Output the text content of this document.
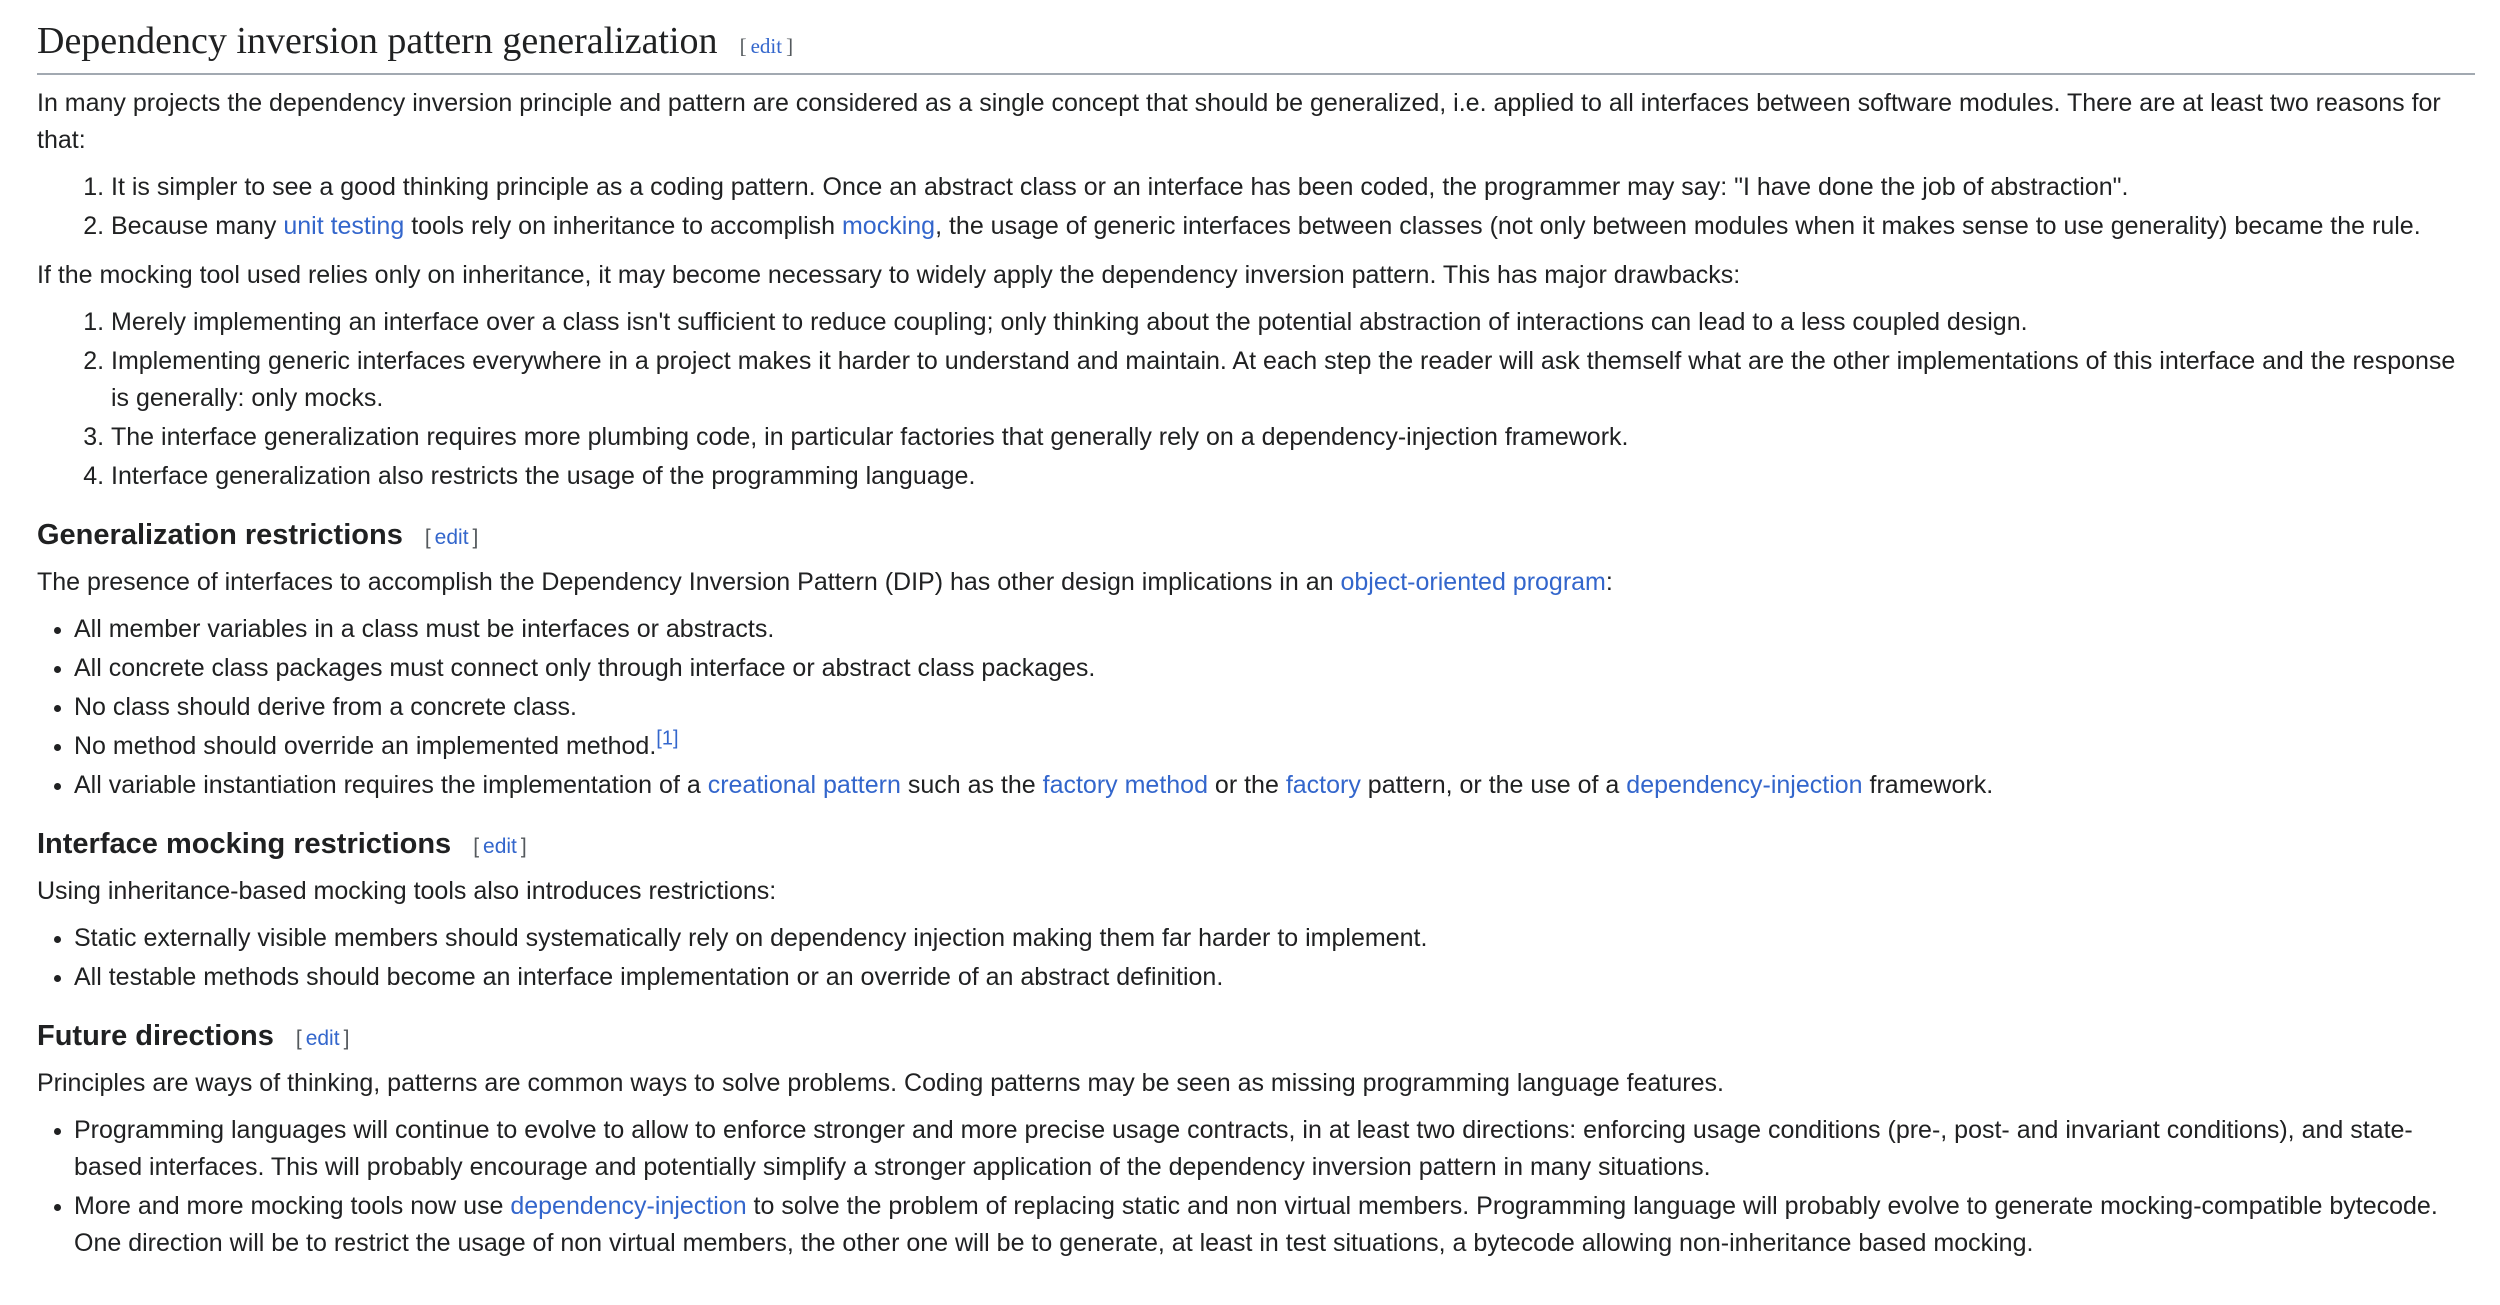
Dependency inversion pattern generalization [ edit ]

In many projects the dependency inversion principle and pattern are considered as a single concept that should be generalized, i.e. applied to all interfaces between software modules. There are at least two reasons for that:

1. It is simpler to see a good thinking principle as a coding pattern. Once an abstract class or an interface has been coded, the programmer may say: "I have done the job of abstraction".
2. Because many unit testing tools rely on inheritance to accomplish mocking, the usage of generic interfaces between classes (not only between modules when it makes sense to use generality) became the rule.

If the mocking tool used relies only on inheritance, it may become necessary to widely apply the dependency inversion pattern. This has major drawbacks:

1. Merely implementing an interface over a class isn't sufficient to reduce coupling; only thinking about the potential abstraction of interactions can lead to a less coupled design.
2. Implementing generic interfaces everywhere in a project makes it harder to understand and maintain. At each step the reader will ask themself what are the other implementations of this interface and the response is generally: only mocks.
3. The interface generalization requires more plumbing code, in particular factories that generally rely on a dependency-injection framework.
4. Interface generalization also restricts the usage of the programming language.
Generalization restrictions [ edit ]

The presence of interfaces to accomplish the Dependency Inversion Pattern (DIP) has other design implications in an object-oriented program:

All member variables in a class must be interfaces or abstracts.
All concrete class packages must connect only through interface or abstract class packages.
No class should derive from a concrete class.
No method should override an implemented method.[1]
All variable instantiation requires the implementation of a creational pattern such as the factory method or the factory pattern, or the use of a dependency-injection framework.
Interface mocking restrictions [ edit ]

Using inheritance-based mocking tools also introduces restrictions:

Static externally visible members should systematically rely on dependency injection making them far harder to implement.
All testable methods should become an interface implementation or an override of an abstract definition.
Future directions [ edit ]

Principles are ways of thinking, patterns are common ways to solve problems. Coding patterns may be seen as missing programming language features.

Programming languages will continue to evolve to allow to enforce stronger and more precise usage contracts, in at least two directions: enforcing usage conditions (pre-, post- and invariant conditions), and state-based interfaces. This will probably encourage and potentially simplify a stronger application of the dependency inversion pattern in many situations.
More and more mocking tools now use dependency-injection to solve the problem of replacing static and non virtual members. Programming language will probably evolve to generate mocking-compatible bytecode. One direction will be to restrict the usage of non virtual members, the other one will be to generate, at least in test situations, a bytecode allowing non-inheritance based mocking.
